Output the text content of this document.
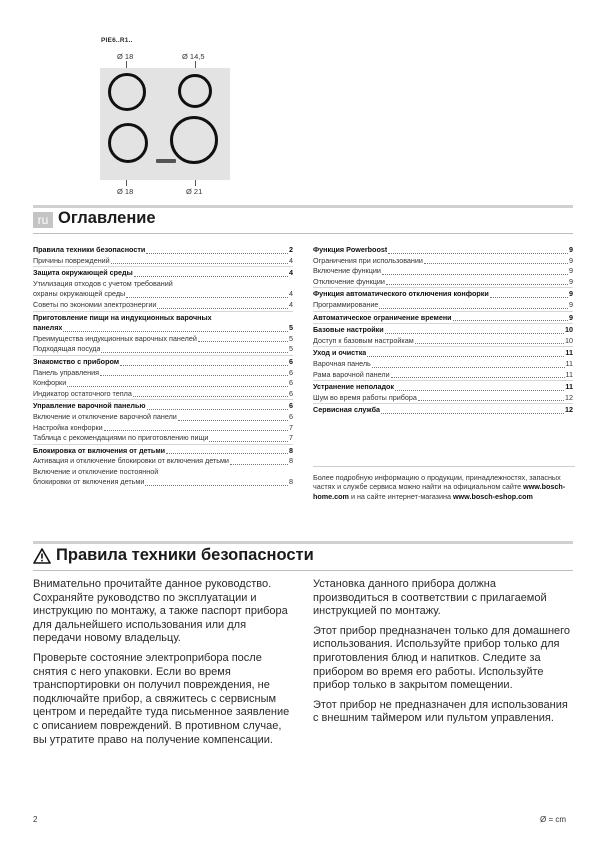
PIE6..R1..
Ø 18	Ø 14,5
Ø 18	Ø 21
ru Оглавление
Правила техники безопасности	2
Причины повреждений	4
Защита окружающей среды	4
Утилизация отходов с учетом требований
охраны окружающей среды	4
Советы по экономии электроэнергии	4
Приготовление пищи на индукционных варочных
панелях	5
Преимущества индукционных варочных панелей	5
Подходящая посуда	5
Знакомство с прибором	6
Панель управления	6
Конфорки	6
Индикатор остаточного тепла	6
Управление варочной панелью	6
Включение и отключение варочной панели	6
Настройка конфорки	7
Таблица с рекомендациями по приготовлению пищи	7
Блокировка от включения от детьми	8
Активация и отключение блокировки от включения детьми	8
Включение и отключение постоянной
блокировки от включения детьми	8
Функция Powerboost	9
Ограничения при использовании	9
Включение функции	9
Отключение функции	9
Функция автоматического отключения конфорки	9
Программирование	9
Автоматическое ограничение времени	9
Базовые настройки	10
Доступ к базовым настройкам	10
Уход и очистка	11
Варочная панель	11
Рама варочной панели	11
Устранение неполадок	11
Шум во время работы прибора	12
Сервисная служба	12
Более подробную информацию о продукции, принадлежностях, запасных частях и службе сервиса можно найти на официальном сайте www.bosch-home.com и на сайте интернет-магазина www.bosch-eshop.com
Правила техники безопасности

Внимательно прочитайте данное руководство. Сохраняйте руководство по эксплуатации и инструкцию по монтажу, а также паспорт прибора для дальнейшего использования или для передачи новому владельцу.

Проверьте состояние электроприбора после снятия с него упаковки. Если во время транспортировки он получил повреждения, не подключайте прибор, а свяжитесь с сервисным центром и передайте туда письменное заявление с описанием повреждений. В противном случае, вы утратите право на получение компенсации.

Установка данного прибора должна производиться в соответствии с прилагаемой инструкцией по монтажу.

Этот прибор предназначен только для домашнего использования. Используйте прибор только для приготовления блюд и напитков. Следите за прибором во время его работы. Используйте прибор только в закрытом помещении.

Этот прибор не предназначен для использования с внешним таймером или пультом управления.

2	Ø = cm
